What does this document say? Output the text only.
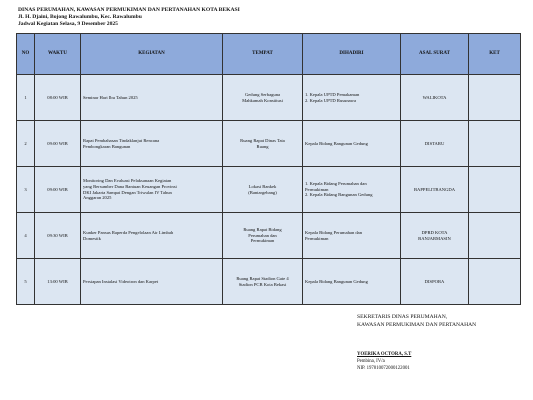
DINAS PERUMAHAN, KAWASAN PERMUKIMAN DAN PERTANAHAN KOTA BEKASI
Jl. H. Djaini, Bojong Rawalumbu, Kec. Rawalumbu
Jadwal Kegiatan Selasa, 9 Desember 2025
NO	WAKTU	KEGIATAN	TEMPAT	DIHADIRI	ASAL SURAT	KET
1	08:00 WIB	Seminar Hari Ibu Tahun 2025	Gedung Serbaguna
Mahkamah Konstitusi	1. Kepala UPTD Pemakaman
2. Kepala UPTD Rusunawa	WALIKOTA	

2	09:00 WIB	Rapat Pembahasan Tindaklanjut Rencana
Pembongkaran Bangunan	Ruang Rapat Dinas Tata
Ruang	Kepala Bidang Bangunan Gedung	DISTARU	

3	09:00 WIB	Monitoring Dan Evaluasi Pelaksanaan Kegiatan
yang Bersumber Dana Bantuan Keuangan Provinsi
DKI Jakarta Sampai Dengan Triwulan IV Tahun
Anggaran 2025	Lokasi Bankek
(Bantargebang)	1. Kepala Bidang Perumahan dan
Permukiman
2. Kepala Bidang Bangunan Gedung	BAPPELITBANGDA	

4	09:30 WIB	Kunker Pansus Raperda Pengelolaan Air Limbah
Domestik	Ruang Rapat Bidang
Perumahan dan
Permukiman	Kepala Bidang Perumahan dan
Permukiman	DPRD KOTA
BANJARMASIN	

5	13:00 WIB	Persiapan Instalasi Videotron dan Karpet	Ruang Rapat Stadion Gate 4
Stadion PCB Kota Bekasi	Kepala Bidang Bangunan Gedung	DISPORA	

SEKRETARIS DINAS PERUMAHAN,
KAWASAN PERMUKIMAN DAN PERTANAHAN
YOERIKA OCTORA, S.T
Pembina, IV/a
NIP. 197810072000122001
